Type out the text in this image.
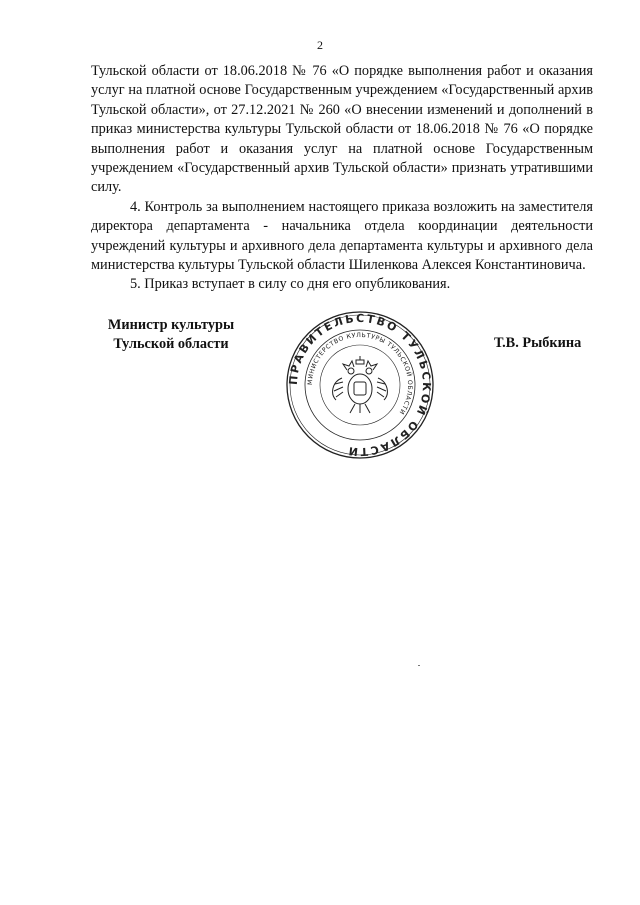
2

Тульской области от 18.06.2018 № 76 «О порядке выполнения работ и оказания услуг на платной основе Государственным учреждением «Государственный архив Тульской области», от 27.12.2021 № 260 «О внесении изменений и дополнений в приказ министерства культуры Тульской области от 18.06.2018 № 76 «О порядке выполнения работ и оказания услуг на платной основе Государственным учреждением «Государственный архив Тульской области» признать утратившими силу.

4. Контроль за выполнением настоящего приказа возложить на заместителя директора департамента - начальника отдела координации деятельности учреждений культуры и архивного дела департамента культуры и архивного дела министерства культуры Тульской области Шиленкова Алексея Константиновича.

5. Приказ вступает в силу со дня его опубликования.

Министр культуры
Тульской области
ПРАВИТЕЛЬСТВО ТУЛЬСКОЙ ОБЛАСТИ
МИНИСТЕРСТВО КУЛЬТУРЫ ТУЛЬСКОЙ ОБЛАСТИ
Т.В. Рыбкина
